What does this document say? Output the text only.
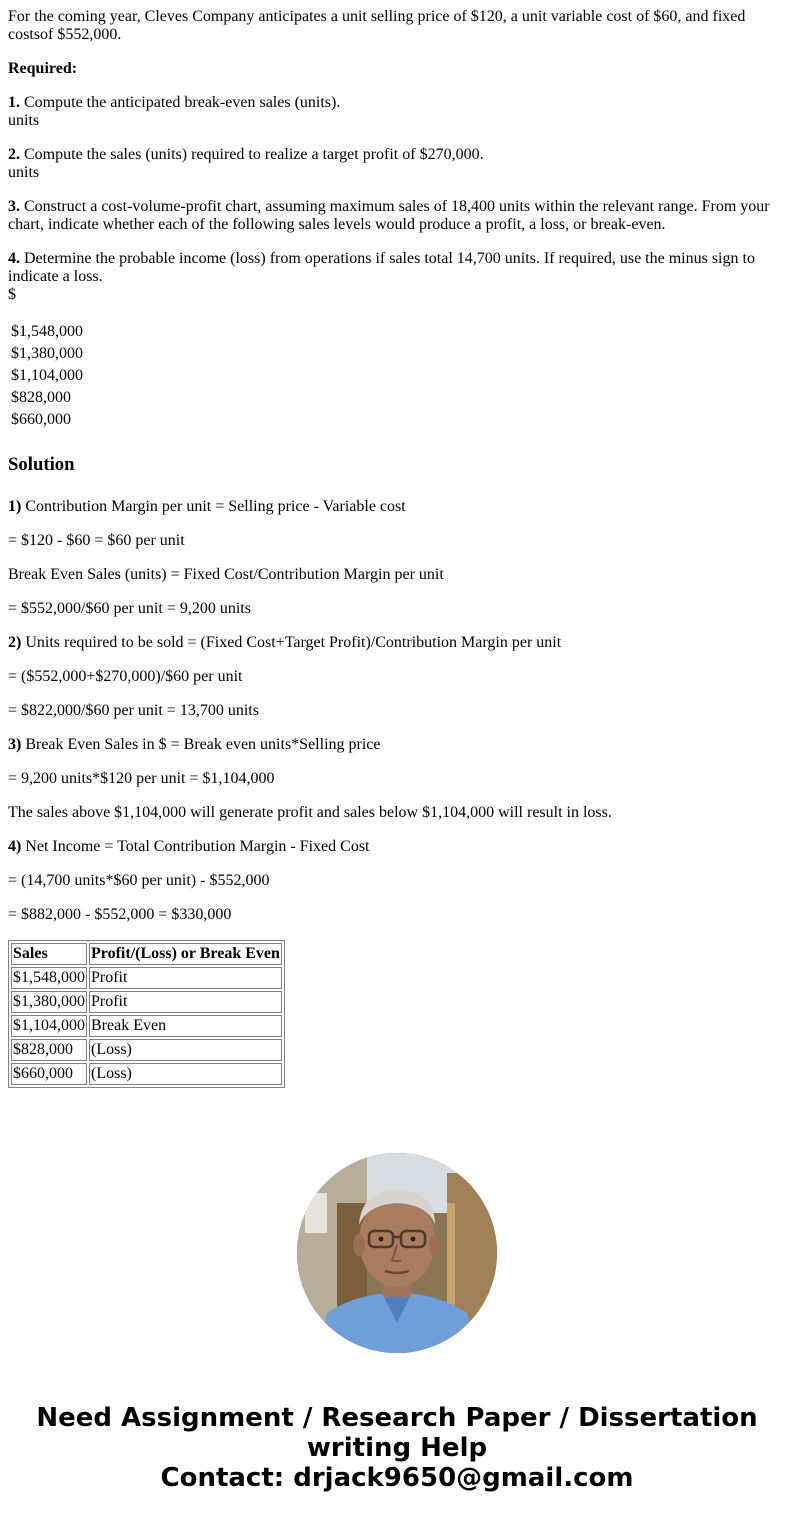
For the coming year, Cleves Company anticipates a unit selling price of $120, a unit variable cost of $60, and fixed costsof $552,000.

Required:

1. Compute the anticipated break-even sales (units).
units

2. Compute the sales (units) required to realize a target profit of $270,000.
units

3. Construct a cost-volume-profit chart, assuming maximum sales of 18,400 units within the relevant range. From your chart, indicate whether each of the following sales levels would produce a profit, a loss, or break-even.

4. Determine the probable income (loss) from operations if sales total 14,700 units. If required, use the minus sign to indicate a loss.
$

$1,548,000
$1,380,000
$1,104,000
$828,000
$660,000
Solution

1) Contribution Margin per unit = Selling price - Variable cost

= $120 - $60 = $60 per unit

Break Even Sales (units) = Fixed Cost/Contribution Margin per unit

= $552,000/$60 per unit = 9,200 units

2) Units required to be sold = (Fixed Cost+Target Profit)/Contribution Margin per unit

= ($552,000+$270,000)/$60 per unit

= $822,000/$60 per unit = 13,700 units

3) Break Even Sales in $ = Break even units*Selling price

= 9,200 units*$120 per unit = $1,104,000

The sales above $1,104,000 will generate profit and sales below $1,104,000 will result in loss.

4) Net Income = Total Contribution Margin - Fixed Cost

= (14,700 units*$60 per unit) - $552,000

= $882,000 - $552,000 = $330,000

Sales	Profit/(Loss) or Break Even
$1,548,000	Profit
$1,380,000	Profit
$1,104,000	Break Even
$828,000	(Loss)
$660,000	(Loss)
Need Assignment / Research Paper / Dissertation
writing Help
Contact: drjack9650@gmail.com
